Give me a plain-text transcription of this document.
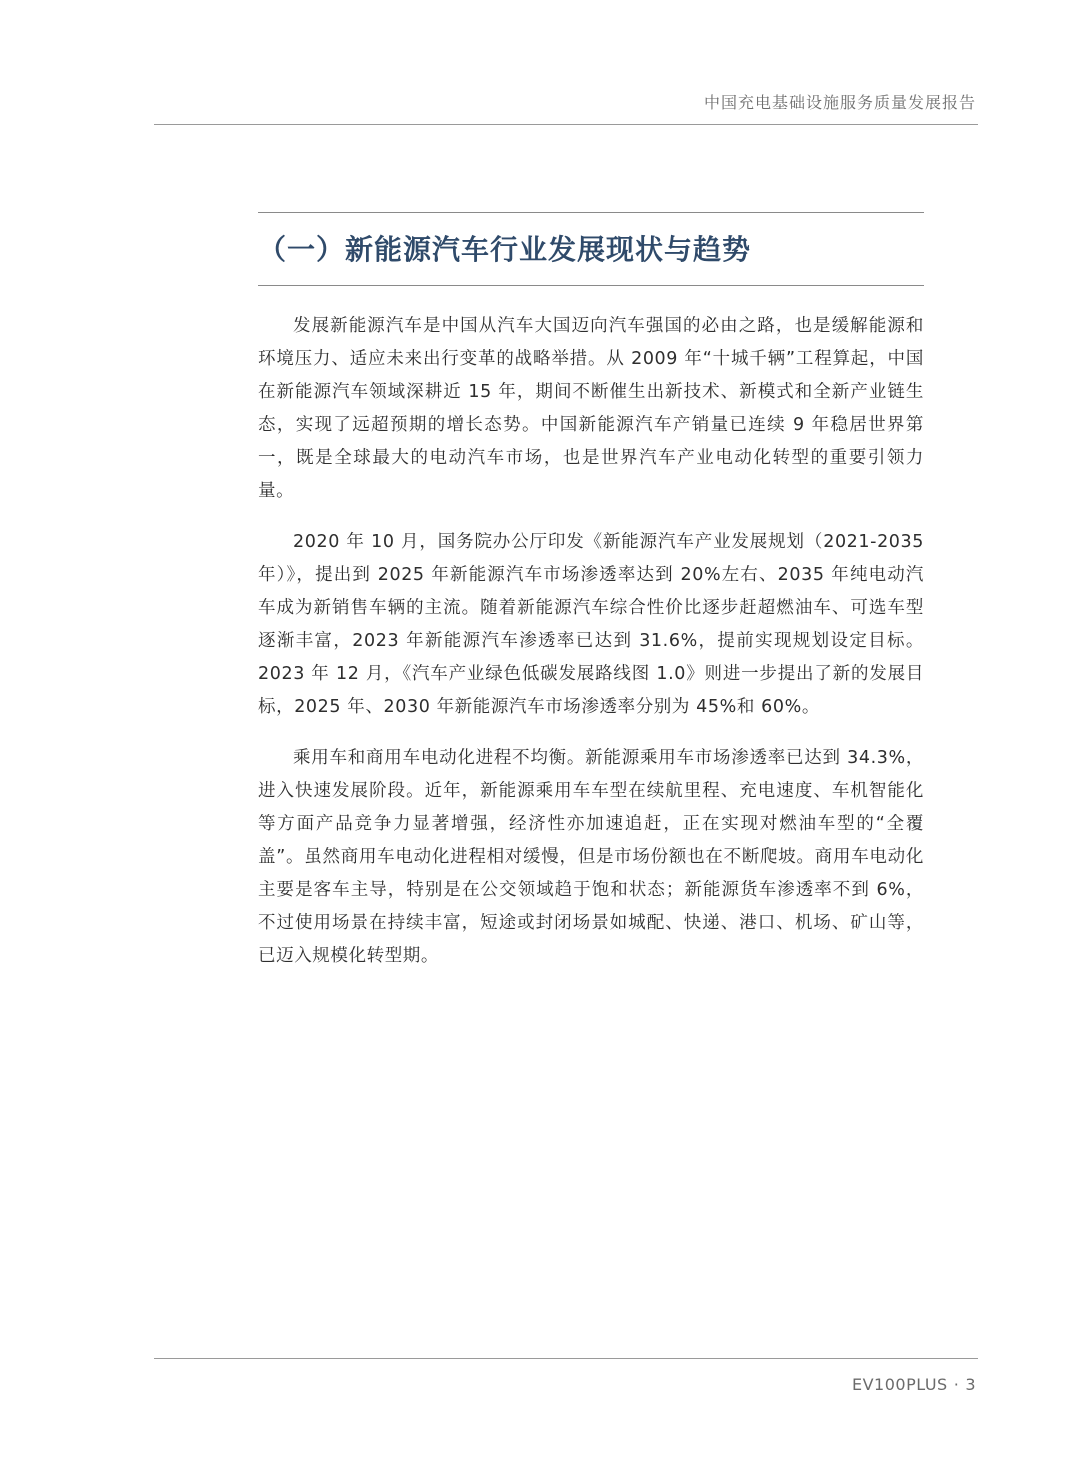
中国充电基础设施服务质量发展报告
（一）新能源汽车行业发展现状与趋势

发展新能源汽车是中国从汽车大国迈向汽车强国的必由之路，也是缓解能源和环境压力、适应未来出行变革的战略举措。从 2009 年“十城千辆”工程算起，中国在新能源汽车领域深耕近 15 年，期间不断催生出新技术、新模式和全新产业链生态，实现了远超预期的增长态势。中国新能源汽车产销量已连续 9 年稳居世界第一，既是全球最大的电动汽车市场，也是世界汽车产业电动化转型的重要引领力量。

2020 年 10 月，国务院办公厅印发《新能源汽车产业发展规划（2021-2035 年）》，提出到 2025 年新能源汽车市场渗透率达到 20%左右、2035 年纯电动汽车成为新销售车辆的主流。随着新能源汽车综合性价比逐步赶超燃油车、可选车型逐渐丰富，2023 年新能源汽车渗透率已达到 31.6%，提前实现规划设定目标。2023 年 12 月，《汽车产业绿色低碳发展路线图 1.0》则进一步提出了新的发展目标，2025 年、2030 年新能源汽车市场渗透率分别为 45%和 60%。

乘用车和商用车电动化进程不均衡。新能源乘用车市场渗透率已达到 34.3%，进入快速发展阶段。近年，新能源乘用车车型在续航里程、充电速度、车机智能化等方面产品竞争力显著增强，经济性亦加速追赶，正在实现对燃油车型的“全覆盖”。虽然商用车电动化进程相对缓慢，但是市场份额也在不断爬坡。商用车电动化主要是客车主导，特别是在公交领域趋于饱和状态；新能源货车渗透率不到 6%，不过使用场景在持续丰富，短途或封闭场景如城配、快递、港口、机场、矿山等，已迈入规模化转型期。

EV100PLUS · 3
